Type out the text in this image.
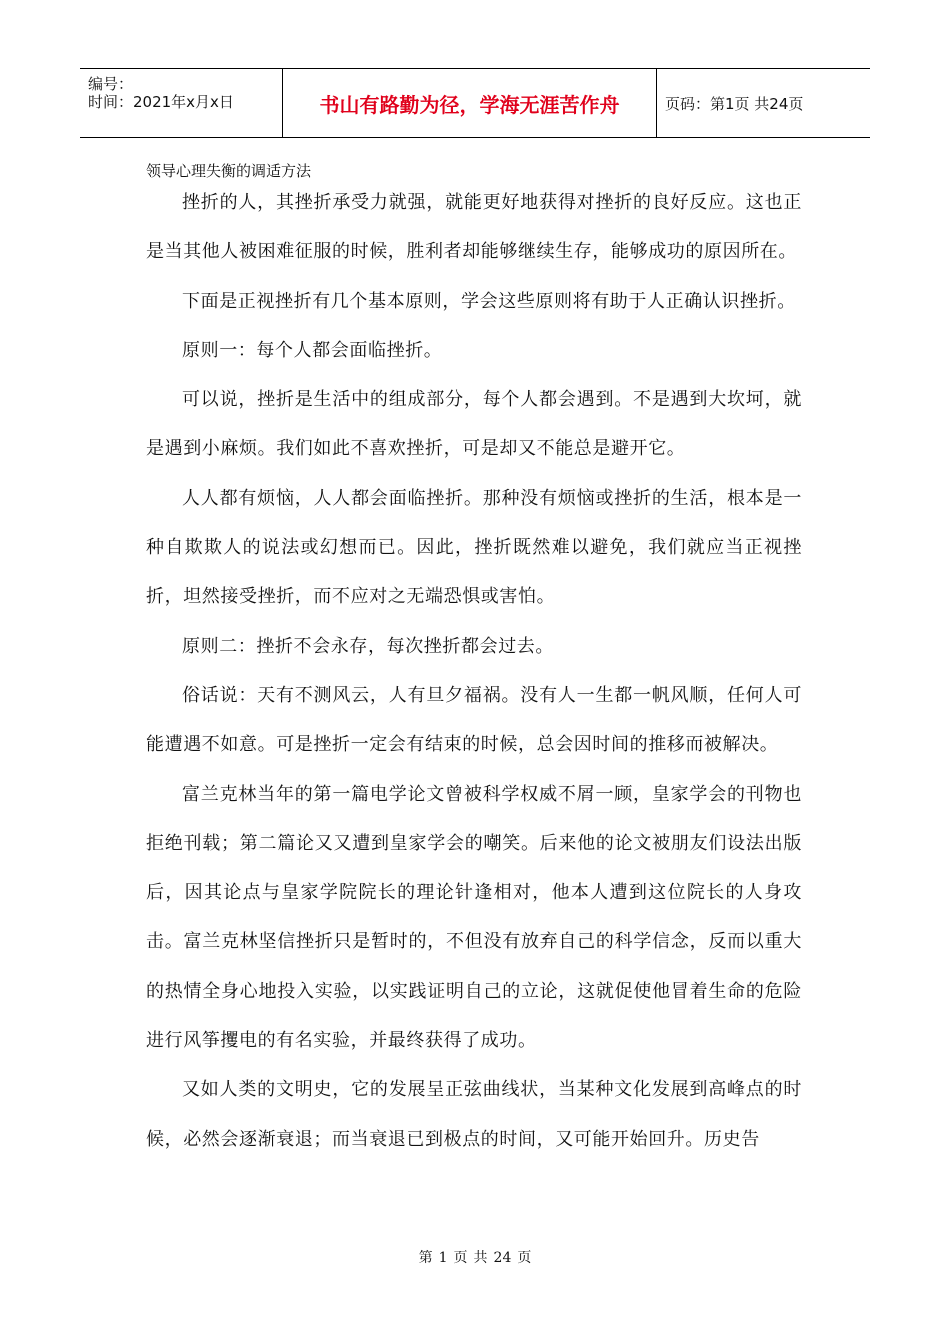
编号：
时间：2021年x月x日	书山有路勤为径，学海无涯苦作舟	页码：第1页 共24页
领导心理失衡的调适方法

挫折的人，其挫折承受力就强，就能更好地获得对挫折的良好反应。这也正是当其他人被困难征服的时候，胜利者却能够继续生存，能够成功的原因所在。

下面是正视挫折有几个基本原则，学会这些原则将有助于人正确认识挫折。

原则一：每个人都会面临挫折。

可以说，挫折是生活中的组成部分，每个人都会遇到。不是遇到大坎坷，就是遇到小麻烦。我们如此不喜欢挫折，可是却又不能总是避开它。

人人都有烦恼，人人都会面临挫折。那种没有烦恼或挫折的生活，根本是一种自欺欺人的说法或幻想而已。因此，挫折既然难以避免，我们就应当正视挫折，坦然接受挫折，而不应对之无端恐惧或害怕。

原则二：挫折不会永存，每次挫折都会过去。

俗话说：天有不测风云，人有旦夕福祸。没有人一生都一帆风顺，任何人可能遭遇不如意。可是挫折一定会有结束的时候，总会因时间的推移而被解决。

富兰克林当年的第一篇电学论文曾被科学权威不屑一顾，皇家学会的刊物也拒绝刊载；第二篇论又又遭到皇家学会的嘲笑。后来他的论文被朋友们设法出版后，因其论点与皇家学院院长的理论针逢相对，他本人遭到这位院长的人身攻击。富兰克林坚信挫折只是暂时的，不但没有放弃自己的科学信念，反而以重大的热情全身心地投入实验，以实践证明自己的立论，这就促使他冒着生命的危险进行风筝攫电的有名实验，并最终获得了成功。

又如人类的文明史，它的发展呈正弦曲线状，当某种文化发展到高峰点的时候，必然会逐渐衰退；而当衰退已到极点的时间，又可能开始回升。历史告

第 1 页 共 24 页
